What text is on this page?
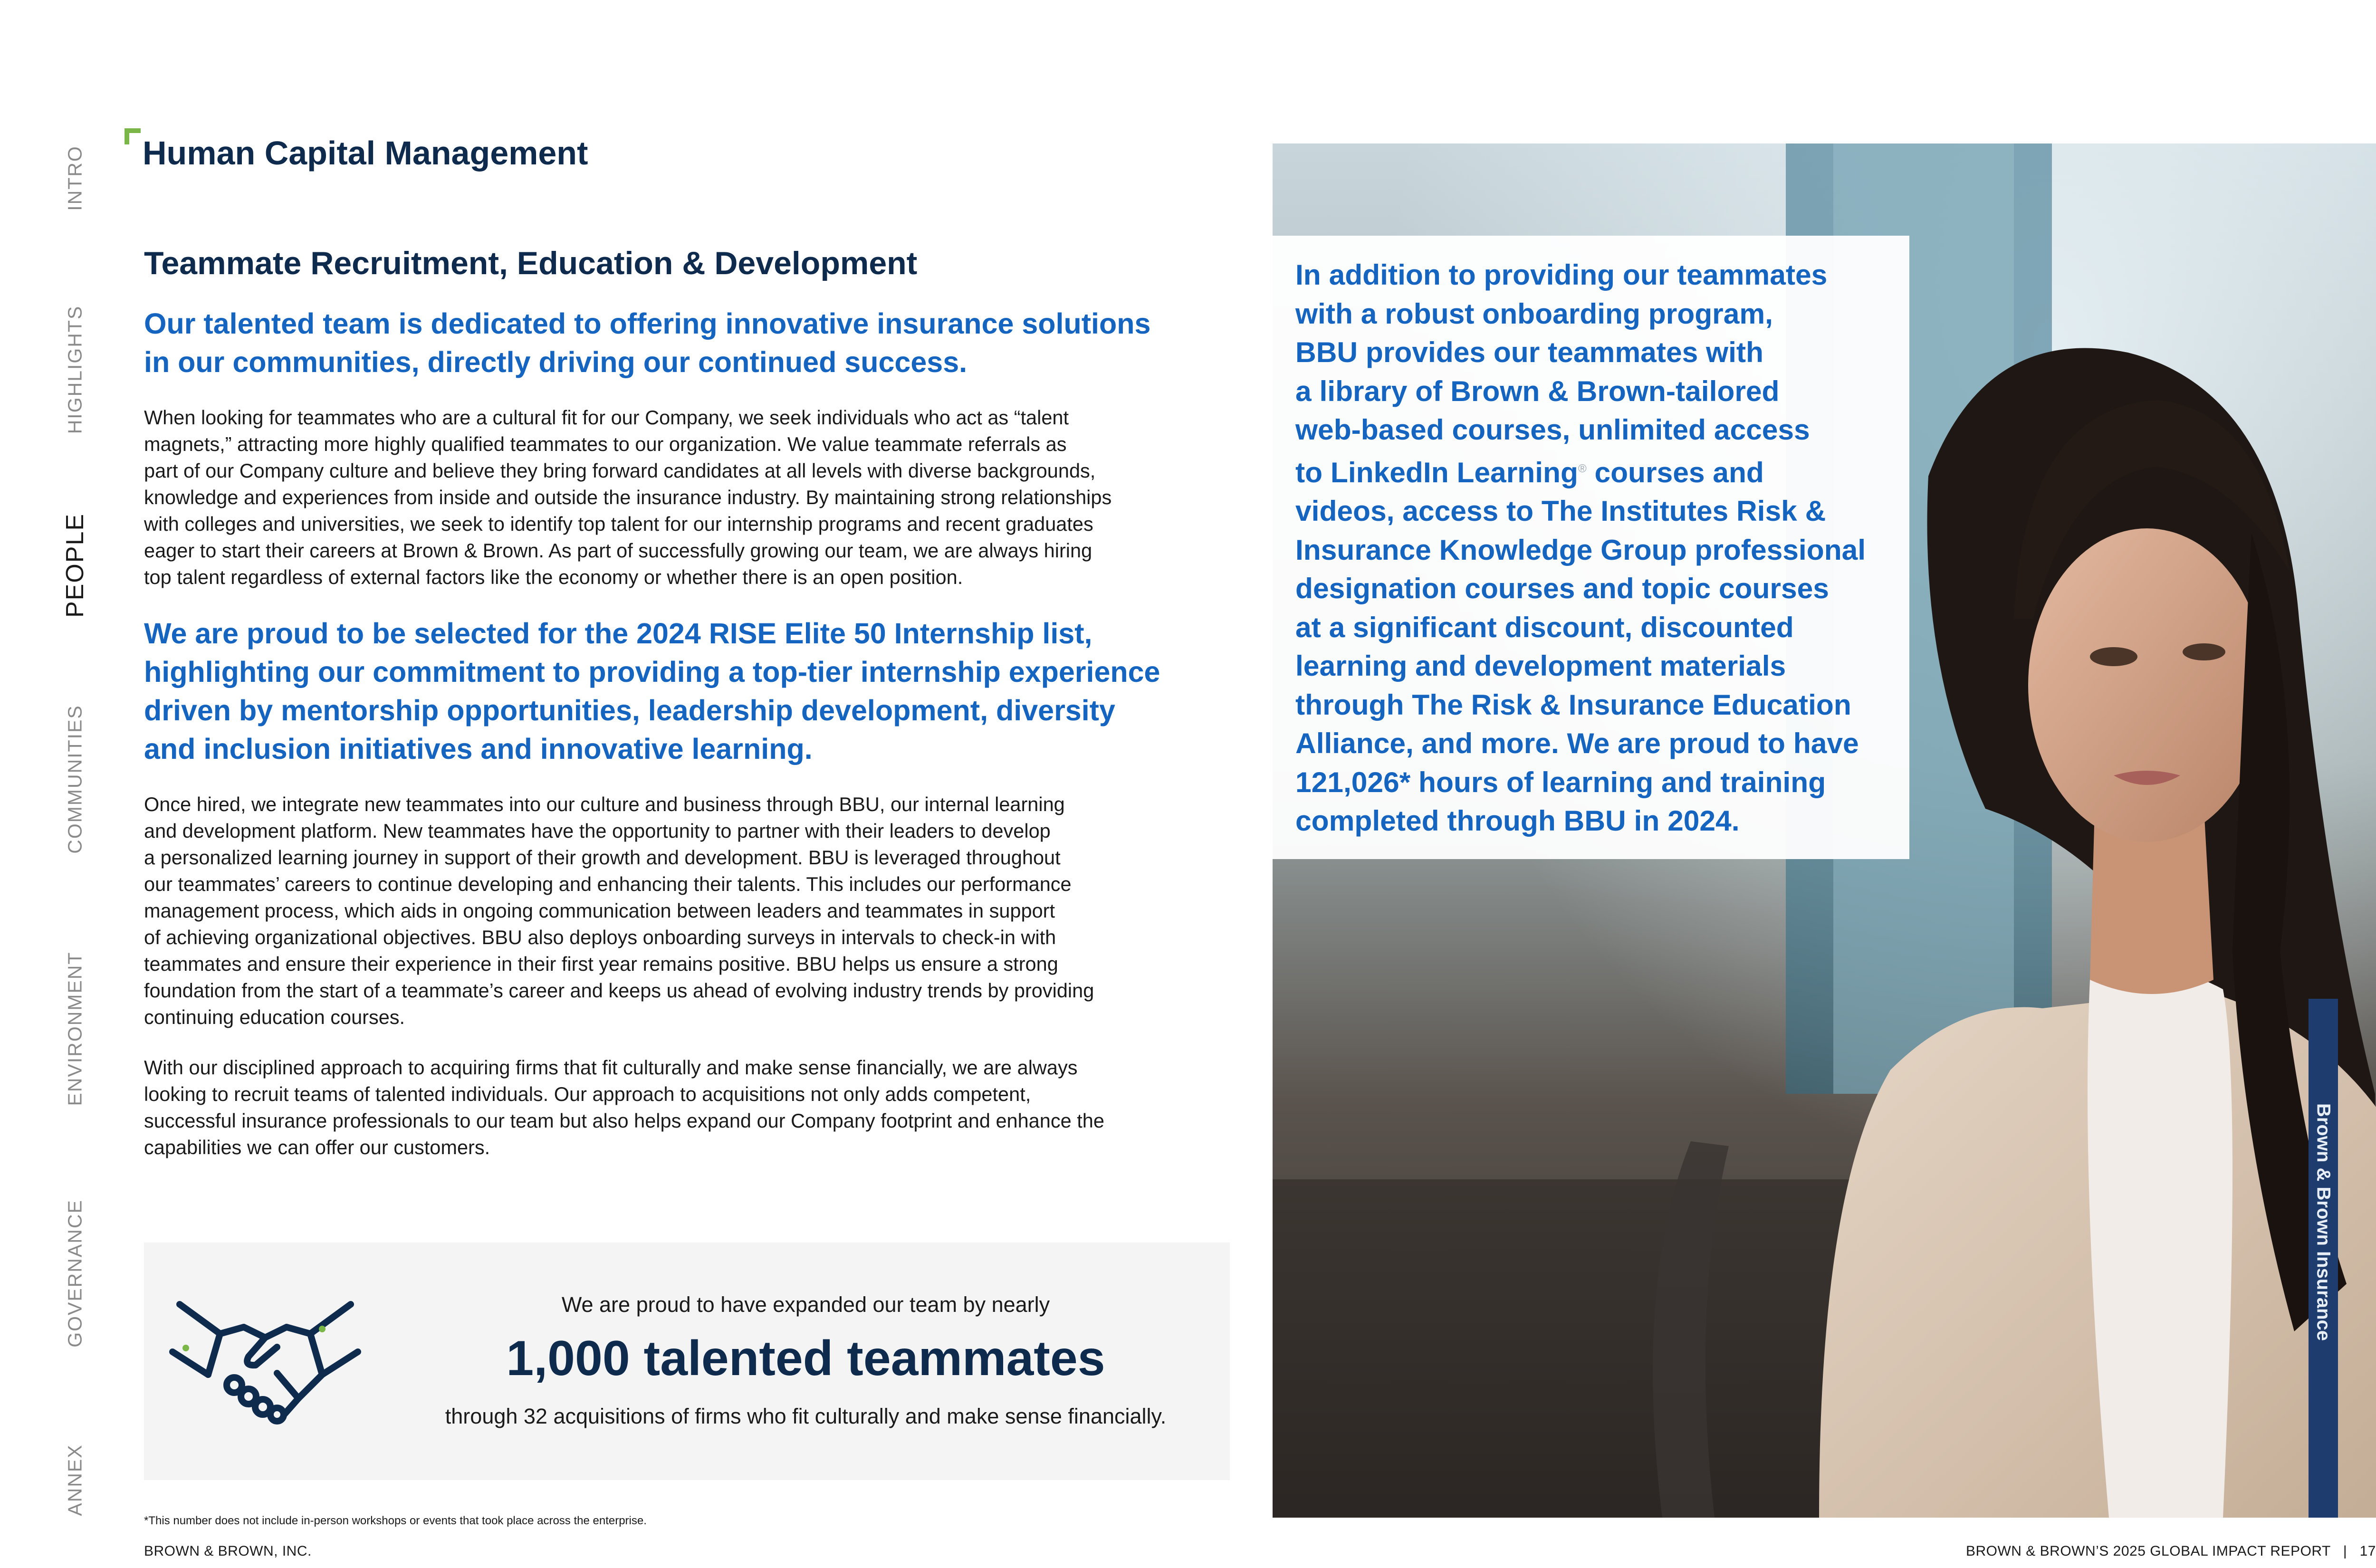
INTRO
HIGHLIGHTS
PEOPLE
COMMUNITIES
ENVIRONMENT
GOVERNANCE
ANNEX
Human Capital Management
Teammate Recruitment, Education & Development
Our talented team is dedicated to offering innovative insurance solutions
in our communities, directly driving our continued success.
When looking for teammates who are a cultural fit for our Company, we seek individuals who act as “talent
magnets,” attracting more highly qualified teammates to our organization. We value teammate referrals as
part of our Company culture and believe they bring forward candidates at all levels with diverse backgrounds,
knowledge and experiences from inside and outside the insurance industry. By maintaining strong relationships
with colleges and universities, we seek to identify top talent for our internship programs and recent graduates
eager to start their careers at Brown & Brown. As part of successfully growing our team, we are always hiring
top talent regardless of external factors like the economy or whether there is an open position.
We are proud to be selected for the 2024 RISE Elite 50 Internship list,
highlighting our commitment to providing a top-tier internship experience
driven by mentorship opportunities, leadership development, diversity
and inclusion initiatives and innovative learning.
Once hired, we integrate new teammates into our culture and business through BBU, our internal learning
and development platform. New teammates have the opportunity to partner with their leaders to develop
a personalized learning journey in support of their growth and development. BBU is leveraged throughout
our teammates’ careers to continue developing and enhancing their talents. This includes our performance
management process, which aids in ongoing communication between leaders and teammates in support
of achieving organizational objectives. BBU also deploys onboarding surveys in intervals to check-in with
teammates and ensure their experience in their first year remains positive. BBU helps us ensure a strong
foundation from the start of a teammate’s career and keeps us ahead of evolving industry trends by providing
continuing education courses.
With our disciplined approach to acquiring firms that fit culturally and make sense financially, we are always
looking to recruit teams of talented individuals. Our approach to acquisitions not only adds competent,
successful insurance professionals to our team but also helps expand our Company footprint and enhance the
capabilities we can offer our customers.
We are proud to have expanded our team by nearly
1,000 talented teammates
through 32 acquisitions of firms who fit culturally and make sense financially.
*This number does not include in-person workshops or events that took place across the enterprise.
BROWN & BROWN, INC.	BROWN & BROWN’S 2025 GLOBAL IMPACT REPORT   |   17
Brown & Brown Insurance
In addition to providing our teammates
with a robust onboarding program,
BBU provides our teammates with
a library of Brown & Brown-tailored
web-based courses, unlimited access
to LinkedIn Learning® courses and
videos, access to The Institutes Risk &
Insurance Knowledge Group professional
designation courses and topic courses
at a significant discount, discounted
learning and development materials
through The Risk & Insurance Education
Alliance, and more. We are proud to have
121,026* hours of learning and training
completed through BBU in 2024.
